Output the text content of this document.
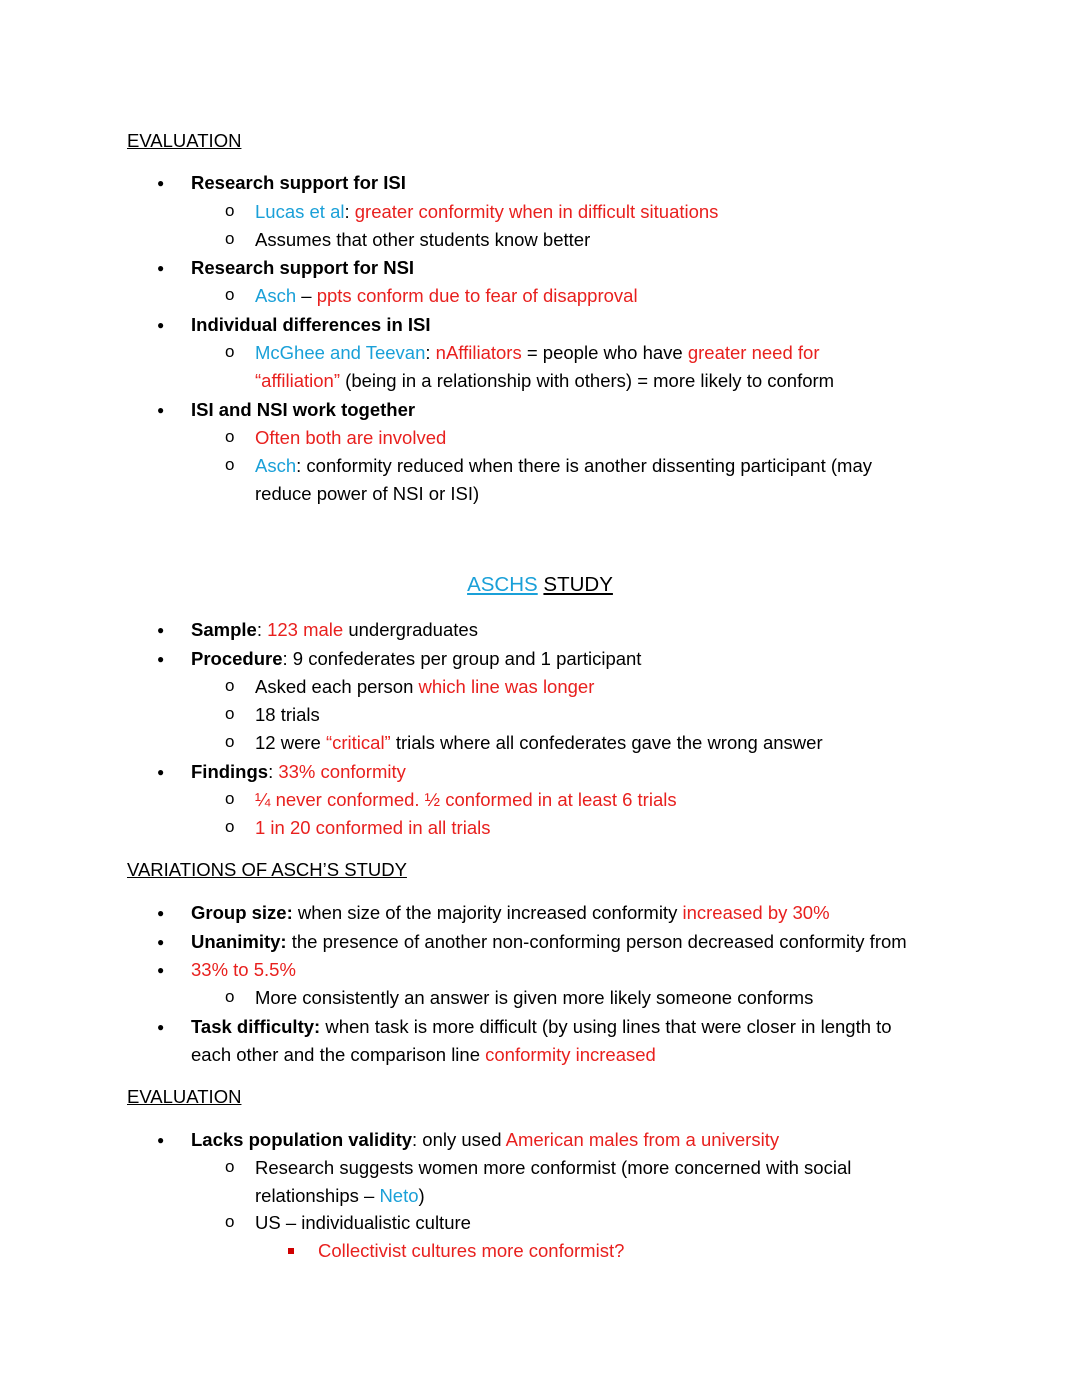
EVALUATION
● Research support for ISI
o Lucas et al: greater conformity when in difficult situations
o Assumes that other students know better
● Research support for NSI
o Asch – ppts conform due to fear of disapproval
● Individual differences in ISI
o McGhee and Teevan: nAffiliators = people who have greater need for
“affiliation” (being in a relationship with others) = more likely to conform
● ISI and NSI work together
o Often both are involved
o Asch: conformity reduced when there is another dissenting participant (may
reduce power of NSI or ISI)
ASCHS STUDY
● Sample: 123 male undergraduates
● Procedure: 9 confederates per group and 1 participant
o Asked each person which line was longer
o 18 trials
o 12 were “critical” trials where all confederates gave the wrong answer
● Findings: 33% conformity
o ¼ never conformed. ½ conformed in at least 6 trials
o 1 in 20 conformed in all trials
VARIATIONS OF ASCH’S STUDY
● Group size: when size of the majority increased conformity increased by 30%
● Unanimity: the presence of another non-conforming person decreased conformity from
● 33% to 5.5%
o More consistently an answer is given more likely someone conforms
● Task difficulty: when task is more difficult (by using lines that were closer in length to
each other and the comparison line conformity increased
EVALUATION
● Lacks population validity: only used American males from a university
o Research suggests women more conformist (more concerned with social
relationships – Neto)
o US – individualistic culture
Collectivist cultures more conformist?
